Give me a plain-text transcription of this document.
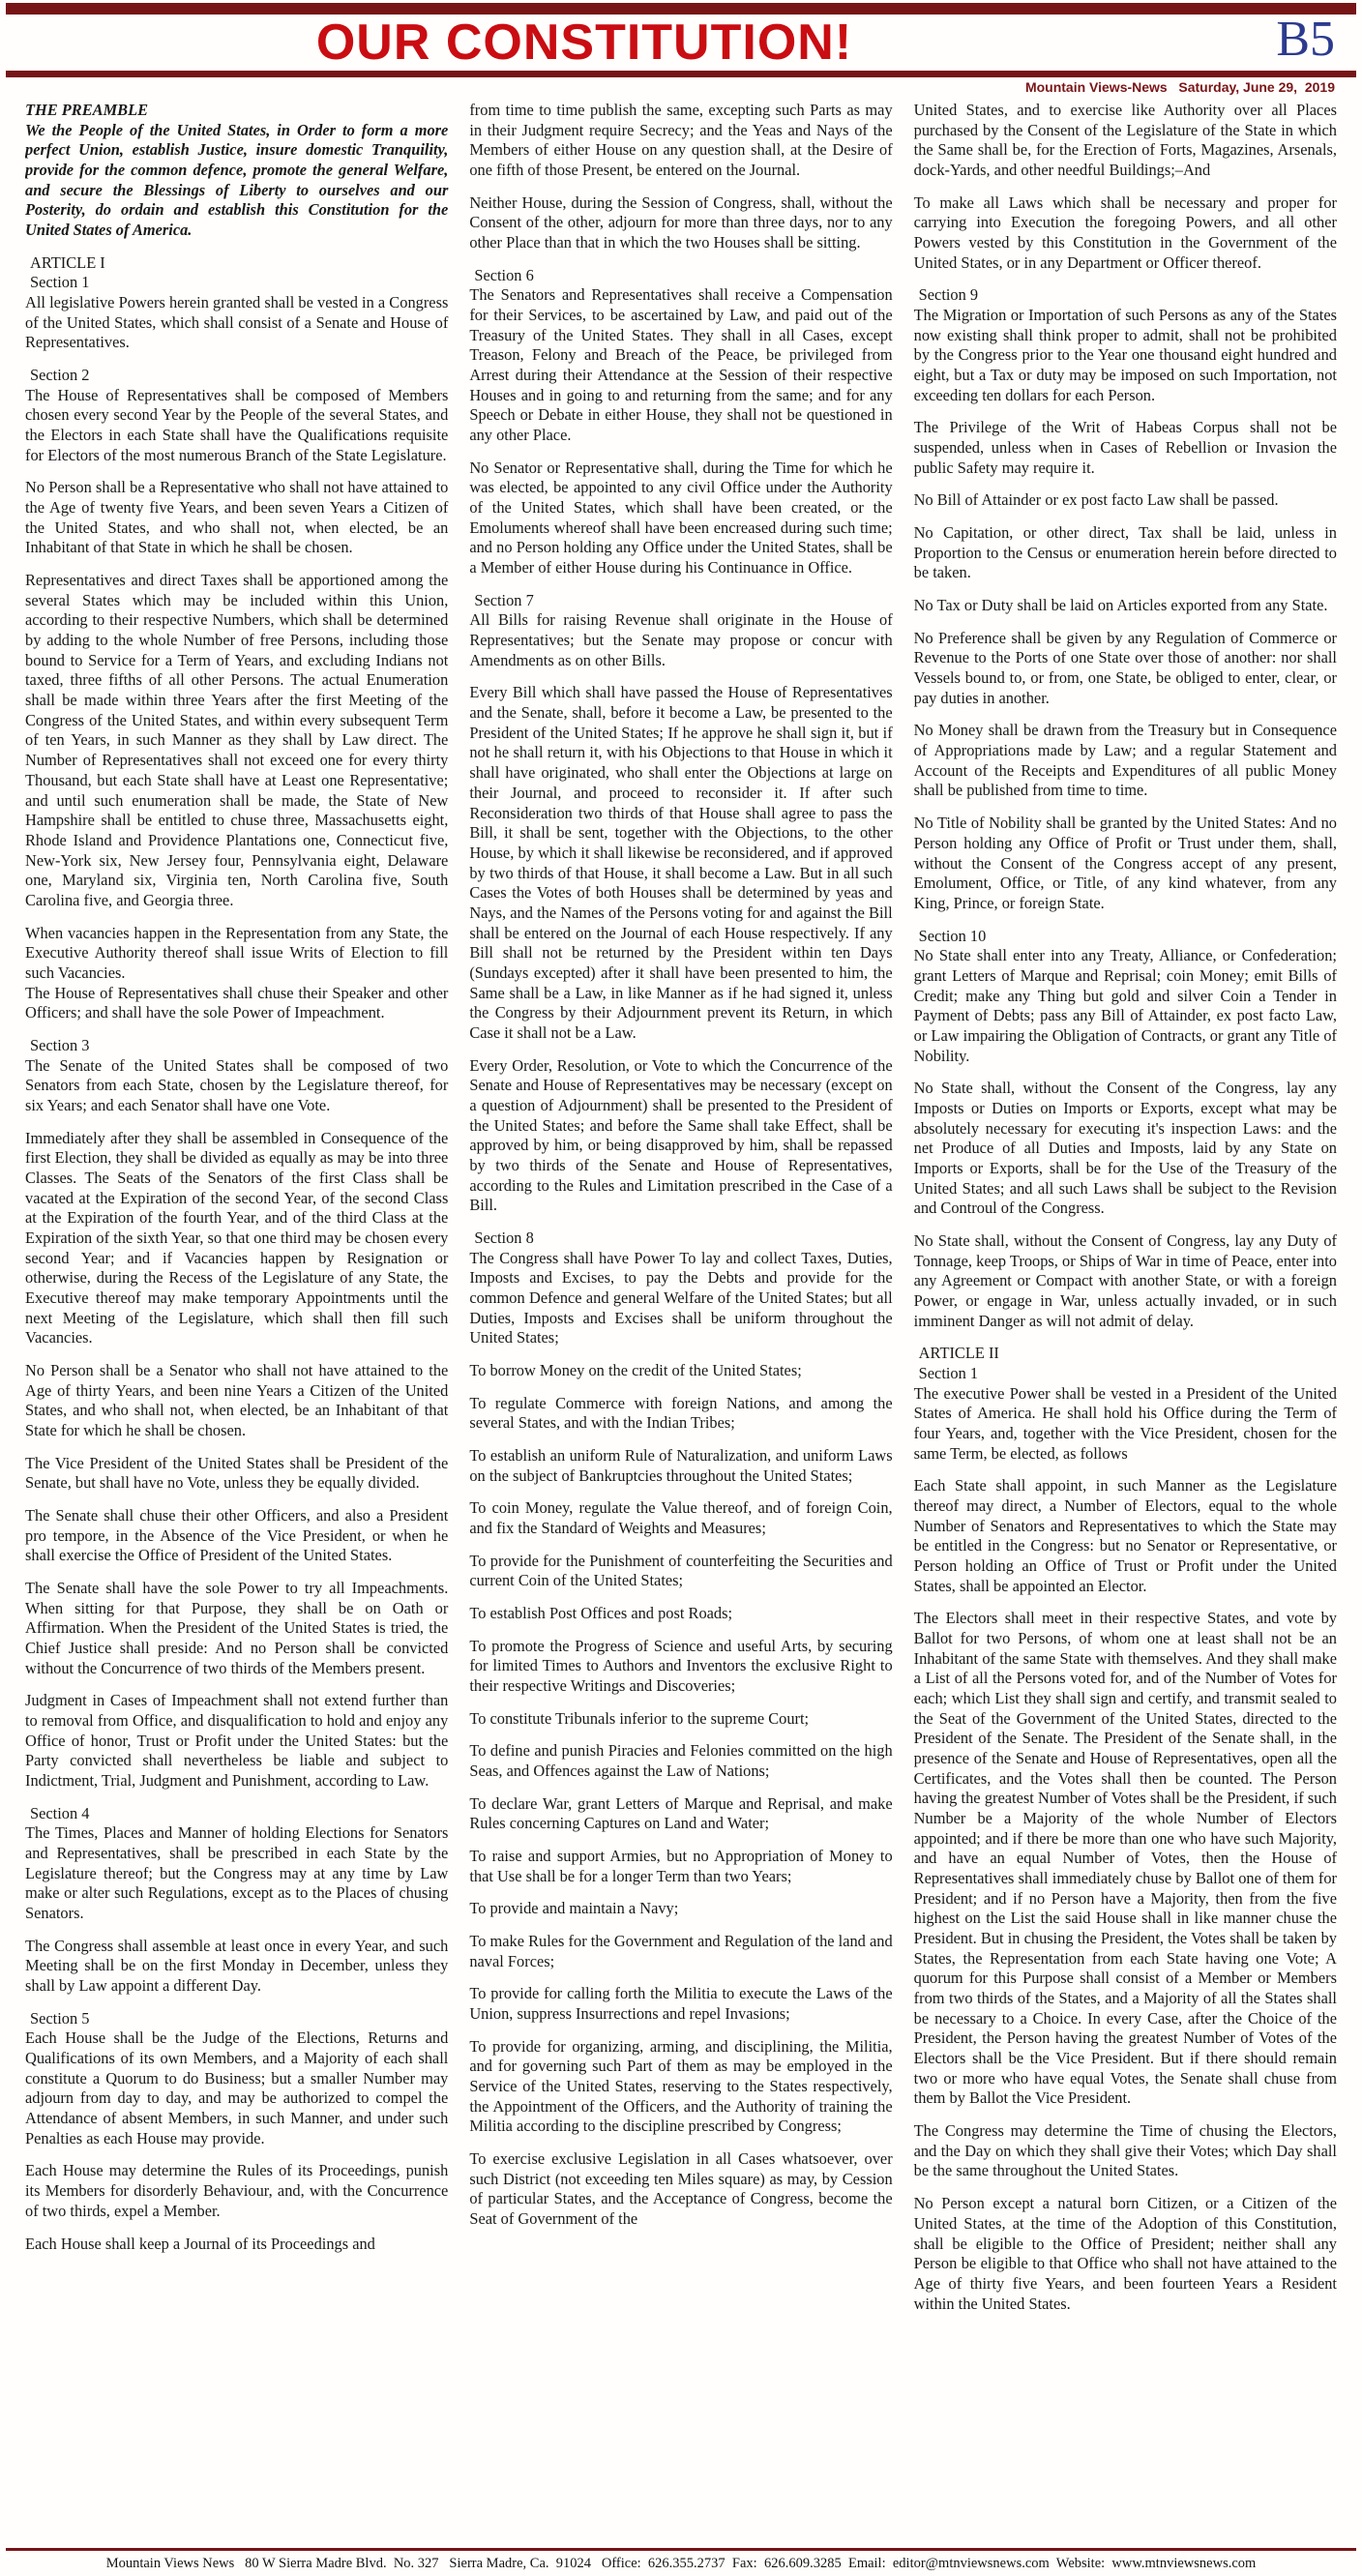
OUR CONSTITUTION!	B5
Mountain Views-News   Saturday, June 29,  2019

THE PREAMBLE

We the People of the United States, in Order to form a more perfect Union, establish Justice, insure domestic Tranquility, provide for the common defence, promote the general Welfare, and secure the Blessings of Liberty to ourselves and our Posterity, do ordain and establish this Constitution for the United States of America.

ARTICLE I

Section 1

All legislative Powers herein granted shall be vested in a Congress of the United States, which shall consist of a Senate and House of Representatives.

Section 2

The House of Representatives shall be composed of Members chosen every second Year by the People of the several States, and the Electors in each State shall have the Qualifications requisite for Electors of the most numerous Branch of the State Legislature.

No Person shall be a Representative who shall not have attained to the Age of twenty five Years, and been seven Years a Citizen of the United States, and who shall not, when elected, be an Inhabitant of that State in which he shall be chosen.

Representatives and direct Taxes shall be apportioned among the several States which may be included within this Union, according to their respective Numbers, which shall be determined by adding to the whole Number of free Persons, including those bound to Service for a Term of Years, and excluding Indians not taxed, three fifths of all other Persons. The actual Enumeration shall be made within three Years after the first Meeting of the Congress of the United States, and within every subsequent Term of ten Years, in such Manner as they shall by Law direct. The Number of Representatives shall not exceed one for every thirty Thousand, but each State shall have at Least one Representative; and until such enumeration shall be made, the State of New Hampshire shall be entitled to chuse three, Massachusetts eight, Rhode Island and Providence Plantations one, Connecticut five, New-York six, New Jersey four, Pennsylvania eight, Delaware one, Maryland six, Virginia ten, North Carolina five, South Carolina five, and Georgia three.

When vacancies happen in the Representation from any State, the Executive Authority thereof shall issue Writs of Election to fill such Vacancies.

The House of Representatives shall chuse their Speaker and other Officers; and shall have the sole Power of Impeachment.

Section 3

The Senate of the United States shall be composed of two Senators from each State, chosen by the Legislature thereof, for six Years; and each Senator shall have one Vote.

Immediately after they shall be assembled in Consequence of the first Election, they shall be divided as equally as may be into three Classes. The Seats of the Senators of the first Class shall be vacated at the Expiration of the second Year, of the second Class at the Expiration of the fourth Year, and of the third Class at the Expiration of the sixth Year, so that one third may be chosen every second Year; and if Vacancies happen by Resignation or otherwise, during the Recess of the Legislature of any State, the Executive thereof may make temporary Appointments until the next Meeting of the Legislature, which shall then fill such Vacancies.

No Person shall be a Senator who shall not have attained to the Age of thirty Years, and been nine Years a Citizen of the United States, and who shall not, when elected, be an Inhabitant of that State for which he shall be chosen.

The Vice President of the United States shall be President of the Senate, but shall have no Vote, unless they be equally divided.

The Senate shall chuse their other Officers, and also a President pro tempore, in the Absence of the Vice President, or when he shall exercise the Office of President of the United States.

The Senate shall have the sole Power to try all Impeachments. When sitting for that Purpose, they shall be on Oath or Affirmation. When the President of the United States is tried, the Chief Justice shall preside: And no Person shall be convicted without the Concurrence of two thirds of the Members present.

Judgment in Cases of Impeachment shall not extend further than to removal from Office, and disqualification to hold and enjoy any Office of honor, Trust or Profit under the United States: but the Party convicted shall nevertheless be liable and subject to Indictment, Trial, Judgment and Punishment, according to Law.

Section 4

The Times, Places and Manner of holding Elections for Senators and Representatives, shall be prescribed in each State by the Legislature thereof; but the Congress may at any time by Law make or alter such Regulations, except as to the Places of chusing Senators.

The Congress shall assemble at least once in every Year, and such Meeting shall be on the first Monday in December, unless they shall by Law appoint a different Day.

Section 5

Each House shall be the Judge of the Elections, Returns and Qualifications of its own Members, and a Majority of each shall constitute a Quorum to do Business; but a smaller Number may adjourn from day to day, and may be authorized to compel the Attendance of absent Members, in such Manner, and under such Penalties as each House may provide.

Each House may determine the Rules of its Proceedings, punish its Members for disorderly Behaviour, and, with the Concurrence of two thirds, expel a Member.

Each House shall keep a Journal of its Proceedings and

from time to time publish the same, excepting such Parts as may in their Judgment require Secrecy; and the Yeas and Nays of the Members of either House on any question shall, at the Desire of one fifth of those Present, be entered on the Journal.

Neither House, during the Session of Congress, shall, without the Consent of the other, adjourn for more than three days, nor to any other Place than that in which the two Houses shall be sitting.

Section 6

The Senators and Representatives shall receive a Compensation for their Services, to be ascertained by Law, and paid out of the Treasury of the United States. They shall in all Cases, except Treason, Felony and Breach of the Peace, be privileged from Arrest during their Attendance at the Session of their respective Houses and in going to and returning from the same; and for any Speech or Debate in either House, they shall not be questioned in any other Place.

No Senator or Representative shall, during the Time for which he was elected, be appointed to any civil Office under the Authority of the United States, which shall have been created, or the Emoluments whereof shall have been encreased during such time; and no Person holding any Office under the United States, shall be a Member of either House during his Continuance in Office.

Section 7

All Bills for raising Revenue shall originate in the House of Representatives; but the Senate may propose or concur with Amendments as on other Bills.

Every Bill which shall have passed the House of Representatives and the Senate, shall, before it become a Law, be presented to the President of the United States; If he approve he shall sign it, but if not he shall return it, with his Objections to that House in which it shall have originated, who shall enter the Objections at large on their Journal, and proceed to reconsider it. If after such Reconsideration two thirds of that House shall agree to pass the Bill, it shall be sent, together with the Objections, to the other House, by which it shall likewise be reconsidered, and if approved by two thirds of that House, it shall become a Law. But in all such Cases the Votes of both Houses shall be determined by yeas and Nays, and the Names of the Persons voting for and against the Bill shall be entered on the Journal of each House respectively. If any Bill shall not be returned by the President within ten Days (Sundays excepted) after it shall have been presented to him, the Same shall be a Law, in like Manner as if he had signed it, unless the Congress by their Adjournment prevent its Return, in which Case it shall not be a Law.

Every Order, Resolution, or Vote to which the Concurrence of the Senate and House of Representatives may be necessary (except on a question of Adjournment) shall be presented to the President of the United States; and before the Same shall take Effect, shall be approved by him, or being disapproved by him, shall be repassed by two thirds of the Senate and House of Representatives, according to the Rules and Limitation prescribed in the Case of a Bill.

Section 8

The Congress shall have Power To lay and collect Taxes, Duties, Imposts and Excises, to pay the Debts and provide for the common Defence and general Welfare of the United States; but all Duties, Imposts and Excises shall be uniform throughout the United States;

To borrow Money on the credit of the United States;

To regulate Commerce with foreign Nations, and among the several States, and with the Indian Tribes;

To establish an uniform Rule of Naturalization, and uniform Laws on the subject of Bankruptcies throughout the United States;

To coin Money, regulate the Value thereof, and of foreign Coin, and fix the Standard of Weights and Measures;

To provide for the Punishment of counterfeiting the Securities and current Coin of the United States;

To establish Post Offices and post Roads;

To promote the Progress of Science and useful Arts, by securing for limited Times to Authors and Inventors the exclusive Right to their respective Writings and Discoveries;

To constitute Tribunals inferior to the supreme Court;

To define and punish Piracies and Felonies committed on the high Seas, and Offences against the Law of Nations;

To declare War, grant Letters of Marque and Reprisal, and make Rules concerning Captures on Land and Water;

To raise and support Armies, but no Appropriation of Money to that Use shall be for a longer Term than two Years;

To provide and maintain a Navy;

To make Rules for the Government and Regulation of the land and naval Forces;

To provide for calling forth the Militia to execute the Laws of the Union, suppress Insurrections and repel Invasions;

To provide for organizing, arming, and disciplining, the Militia, and for governing such Part of them as may be employed in the Service of the United States, reserving to the States respectively, the Appointment of the Officers, and the Authority of training the Militia according to the discipline prescribed by Congress;

To exercise exclusive Legislation in all Cases whatsoever, over such District (not exceeding ten Miles square) as may, by Cession of particular States, and the Acceptance of Congress, become the Seat of Government of the

United States, and to exercise like Authority over all Places purchased by the Consent of the Legislature of the State in which the Same shall be, for the Erection of Forts, Magazines, Arsenals, dock-Yards, and other needful Buildings;–And

To make all Laws which shall be necessary and proper for carrying into Execution the foregoing Powers, and all other Powers vested by this Constitution in the Government of the United States, or in any Department or Officer thereof.

Section 9

The Migration or Importation of such Persons as any of the States now existing shall think proper to admit, shall not be prohibited by the Congress prior to the Year one thousand eight hundred and eight, but a Tax or duty may be imposed on such Importation, not exceeding ten dollars for each Person.

The Privilege of the Writ of Habeas Corpus shall not be suspended, unless when in Cases of Rebellion or Invasion the public Safety may require it.

No Bill of Attainder or ex post facto Law shall be passed.

No Capitation, or other direct, Tax shall be laid, unless in Proportion to the Census or enumeration herein before directed to be taken.

No Tax or Duty shall be laid on Articles exported from any State.

No Preference shall be given by any Regulation of Commerce or Revenue to the Ports of one State over those of another: nor shall Vessels bound to, or from, one State, be obliged to enter, clear, or pay duties in another.

No Money shall be drawn from the Treasury but in Consequence of Appropriations made by Law; and a regular Statement and Account of the Receipts and Expenditures of all public Money shall be published from time to time.

No Title of Nobility shall be granted by the United States: And no Person holding any Office of Profit or Trust under them, shall, without the Consent of the Congress accept of any present, Emolument, Office, or Title, of any kind whatever, from any King, Prince, or foreign State.

Section 10

No State shall enter into any Treaty, Alliance, or Confederation; grant Letters of Marque and Reprisal; coin Money; emit Bills of Credit; make any Thing but gold and silver Coin a Tender in Payment of Debts; pass any Bill of Attainder, ex post facto Law, or Law impairing the Obligation of Contracts, or grant any Title of Nobility.

No State shall, without the Consent of the Congress, lay any Imposts or Duties on Imports or Exports, except what may be absolutely necessary for executing it's inspection Laws: and the net Produce of all Duties and Imposts, laid by any State on Imports or Exports, shall be for the Use of the Treasury of the United States; and all such Laws shall be subject to the Revision and Controul of the Congress.

No State shall, without the Consent of Congress, lay any Duty of Tonnage, keep Troops, or Ships of War in time of Peace, enter into any Agreement or Compact with another State, or with a foreign Power, or engage in War, unless actually invaded, or in such imminent Danger as will not admit of delay.

ARTICLE II

Section 1

The executive Power shall be vested in a President of the United States of America. He shall hold his Office during the Term of four Years, and, together with the Vice President, chosen for the same Term, be elected, as follows

Each State shall appoint, in such Manner as the Legislature thereof may direct, a Number of Electors, equal to the whole Number of Senators and Representatives to which the State may be entitled in the Congress: but no Senator or Representative, or Person holding an Office of Trust or Profit under the United States, shall be appointed an Elector.

The Electors shall meet in their respective States, and vote by Ballot for two Persons, of whom one at least shall not be an Inhabitant of the same State with themselves. And they shall make a List of all the Persons voted for, and of the Number of Votes for each; which List they shall sign and certify, and transmit sealed to the Seat of the Government of the United States, directed to the President of the Senate. The President of the Senate shall, in the presence of the Senate and House of Representatives, open all the Certificates, and the Votes shall then be counted. The Person having the greatest Number of Votes shall be the President, if such Number be a Majority of the whole Number of Electors appointed; and if there be more than one who have such Majority, and have an equal Number of Votes, then the House of Representatives shall immediately chuse by Ballot one of them for President; and if no Person have a Majority, then from the five highest on the List the said House shall in like manner chuse the President. But in chusing the President, the Votes shall be taken by States, the Representation from each State having one Vote; A quorum for this Purpose shall consist of a Member or Members from two thirds of the States, and a Majority of all the States shall be necessary to a Choice. In every Case, after the Choice of the President, the Person having the greatest Number of Votes of the Electors shall be the Vice President. But if there should remain two or more who have equal Votes, the Senate shall chuse from them by Ballot the Vice President.

The Congress may determine the Time of chusing the Electors, and the Day on which they shall give their Votes; which Day shall be the same throughout the United States.

No Person except a natural born Citizen, or a Citizen of the United States, at the time of the Adoption of this Constitution, shall be eligible to the Office of President; neither shall any Person be eligible to that Office who shall not have attained to the Age of thirty five Years, and been fourteen Years a Resident within the United States.

Mountain Views News   80 W Sierra Madre Blvd.  No. 327   Sierra Madre, Ca.  91024   Office:  626.355.2737  Fax:  626.609.3285  Email:  editor@mtnviewsnews.com  Website:  www.mtnviewsnews.com
